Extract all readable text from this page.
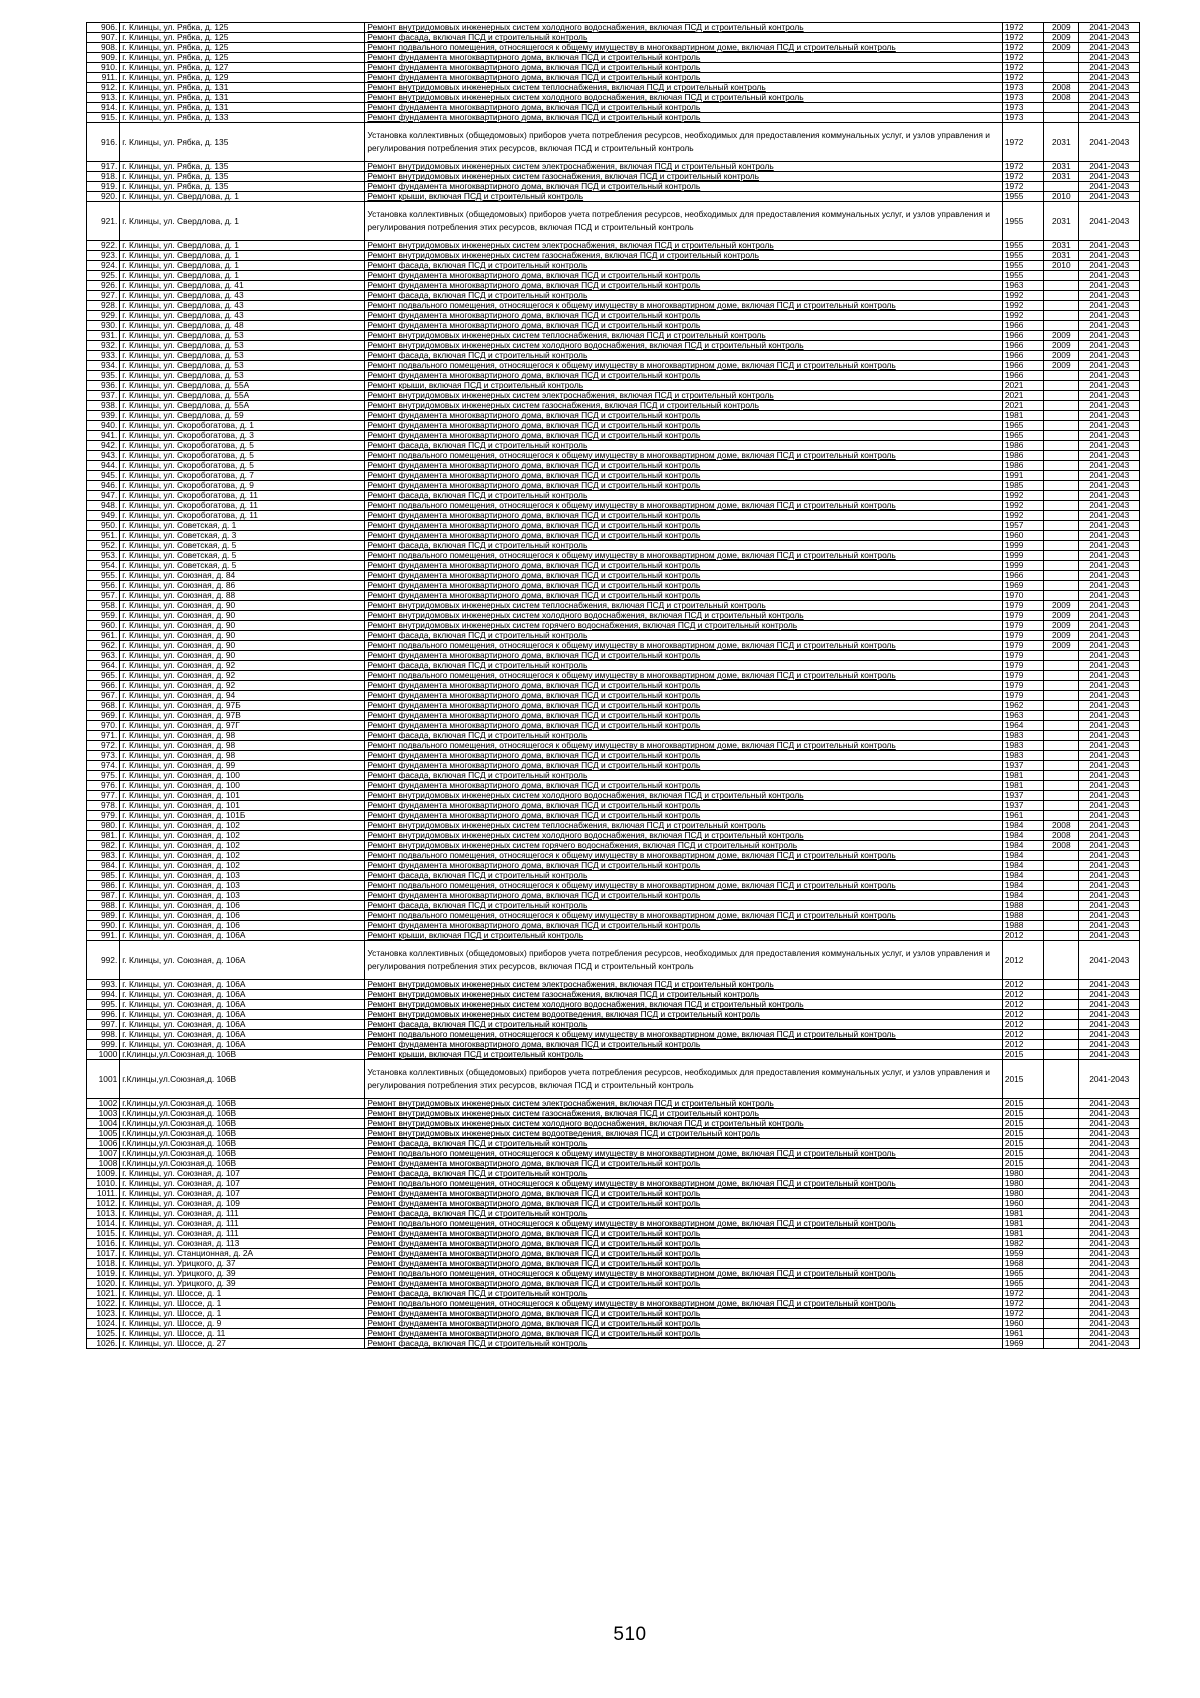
906.	г. Клинцы, ул. Рябка, д. 125	Ремонт внутридомовых инженерных систем холодного водоснабжения, включая ПСД и строительный контроль	1972	2009	2041-2043
907.	г. Клинцы, ул. Рябка, д. 125	Ремонт фасада, включая ПСД и строительный контроль	1972	2009	2041-2043
908.	г. Клинцы, ул. Рябка, д. 125	Ремонт подвального помещения, относящегося к общему имуществу в многоквартирном доме, включая ПСД и строительный контроль	1972	2009	2041-2043
909.	г. Клинцы, ул. Рябка, д. 125	Ремонт фундамента многоквартирного дома, включая ПСД и строительный контроль	1972		2041-2043
910.	г. Клинцы, ул. Рябка, д. 127	Ремонт фундамента многоквартирного дома, включая ПСД и строительный контроль	1972		2041-2043
911.	г. Клинцы, ул. Рябка, д. 129	Ремонт фундамента многоквартирного дома, включая ПСД и строительный контроль	1972		2041-2043
912.	г. Клинцы, ул. Рябка, д. 131	Ремонт внутридомовых инженерных систем теплоснабжения, включая ПСД и строительный контроль	1973	2008	2041-2043
913.	г. Клинцы, ул. Рябка, д. 131	Ремонт внутридомовых инженерных систем холодного водоснабжения, включая ПСД и строительный контроль	1973	2008	2041-2043
914.	г. Клинцы, ул. Рябка, д. 131	Ремонт фундамента многоквартирного дома, включая ПСД и строительный контроль	1973		2041-2043
915.	г. Клинцы, ул. Рябка, д. 133	Ремонт фундамента многоквартирного дома, включая ПСД и строительный контроль	1973		2041-2043
916.	г. Клинцы, ул. Рябка, д. 135	Установка коллективных (общедомовых) приборов учета потребления ресурсов, необходимых для предоставления коммунальных услуг, и узлов управления и регулирования потребления этих ресурсов, включая ПСД и строительный контроль	1972	2031	2041-2043
917.	г. Клинцы, ул. Рябка, д. 135	Ремонт внутридомовых инженерных систем электроснабжения, включая ПСД и строительный контроль	1972	2031	2041-2043
918.	г. Клинцы, ул. Рябка, д. 135	Ремонт внутридомовых инженерных систем газоснабжения, включая ПСД и строительный контроль	1972	2031	2041-2043
919.	г. Клинцы, ул. Рябка, д. 135	Ремонт фундамента многоквартирного дома, включая ПСД и строительный контроль	1972		2041-2043
920.	г. Клинцы, ул. Свердлова, д. 1	Ремонт крыши, включая ПСД и строительный контроль	1955	2010	2041-2043
921.	г. Клинцы, ул. Свердлова, д. 1	Установка коллективных (общедомовых) приборов учета потребления ресурсов, необходимых для предоставления коммунальных услуг, и узлов управления и регулирования потребления этих ресурсов, включая ПСД и строительный контроль	1955	2031	2041-2043
922.	г. Клинцы, ул. Свердлова, д. 1	Ремонт внутридомовых инженерных систем электроснабжения, включая ПСД и строительный контроль	1955	2031	2041-2043
923.	г. Клинцы, ул. Свердлова, д. 1	Ремонт внутридомовых инженерных систем газоснабжения, включая ПСД и строительный контроль	1955	2031	2041-2043
924.	г. Клинцы, ул. Свердлова, д. 1	Ремонт фасада, включая ПСД и строительный контроль	1955	2010	2041-2043
925.	г. Клинцы, ул. Свердлова, д. 1	Ремонт фундамента многоквартирного дома, включая ПСД и строительный контроль	1955		2041-2043
926.	г. Клинцы, ул. Свердлова, д. 41	Ремонт фундамента многоквартирного дома, включая ПСД и строительный контроль	1963		2041-2043
927.	г. Клинцы, ул. Свердлова, д. 43	Ремонт фасада, включая ПСД и строительный контроль	1992		2041-2043
928.	г. Клинцы, ул. Свердлова, д. 43	Ремонт подвального помещения, относящегося к общему имуществу в многоквартирном доме, включая ПСД и строительный контроль	1992		2041-2043
929.	г. Клинцы, ул. Свердлова, д. 43	Ремонт фундамента многоквартирного дома, включая ПСД и строительный контроль	1992		2041-2043
930.	г. Клинцы, ул. Свердлова, д. 48	Ремонт фундамента многоквартирного дома, включая ПСД и строительный контроль	1966		2041-2043
931.	г. Клинцы, ул. Свердлова, д. 53	Ремонт внутридомовых инженерных систем теплоснабжения, включая ПСД и строительный контроль	1966	2009	2041-2043
932.	г. Клинцы, ул. Свердлова, д. 53	Ремонт внутридомовых инженерных систем холодного водоснабжения, включая ПСД и строительный контроль	1966	2009	2041-2043
933.	г. Клинцы, ул. Свердлова, д. 53	Ремонт фасада, включая ПСД и строительный контроль	1966	2009	2041-2043
934.	г. Клинцы, ул. Свердлова, д. 53	Ремонт подвального помещения, относящегося к общему имуществу в многоквартирном доме, включая ПСД и строительный контроль	1966	2009	2041-2043
935.	г. Клинцы, ул. Свердлова, д. 53	Ремонт фундамента многоквартирного дома, включая ПСД и строительный контроль	1966		2041-2043
936.	г. Клинцы, ул. Свердлова, д. 55А	Ремонт крыши, включая ПСД и строительный контроль	2021		2041-2043
937.	г. Клинцы, ул. Свердлова, д. 55А	Ремонт внутридомовых инженерных систем электроснабжения, включая ПСД и строительный контроль	2021		2041-2043
938.	г. Клинцы, ул. Свердлова, д. 55А	Ремонт внутридомовых инженерных систем газоснабжения, включая ПСД и строительный контроль	2021		2041-2043
939.	г. Клинцы, ул. Свердлова, д. 59	Ремонт фундамента многоквартирного дома, включая ПСД и строительный контроль	1981		2041-2043
940.	г. Клинцы, ул. Скоробогатова, д. 1	Ремонт фундамента многоквартирного дома, включая ПСД и строительный контроль	1965		2041-2043
941.	г. Клинцы, ул. Скоробогатова, д. 3	Ремонт фундамента многоквартирного дома, включая ПСД и строительный контроль	1965		2041-2043
942.	г. Клинцы, ул. Скоробогатова, д. 5	Ремонт фасада, включая ПСД и строительный контроль	1986		2041-2043
943.	г. Клинцы, ул. Скоробогатова, д. 5	Ремонт подвального помещения, относящегося к общему имуществу в многоквартирном доме, включая ПСД и строительный контроль	1986		2041-2043
944.	г. Клинцы, ул. Скоробогатова, д. 5	Ремонт фундамента многоквартирного дома, включая ПСД и строительный контроль	1986		2041-2043
945.	г. Клинцы, ул. Скоробогатова, д. 7	Ремонт фундамента многоквартирного дома, включая ПСД и строительный контроль	1991		2041-2043
946.	г. Клинцы, ул. Скоробогатова, д. 9	Ремонт фундамента многоквартирного дома, включая ПСД и строительный контроль	1985		2041-2043
947.	г. Клинцы, ул. Скоробогатова, д. 11	Ремонт фасада, включая ПСД и строительный контроль	1992		2041-2043
948.	г. Клинцы, ул. Скоробогатова, д. 11	Ремонт подвального помещения, относящегося к общему имуществу в многоквартирном доме, включая ПСД и строительный контроль	1992		2041-2043
949.	г. Клинцы, ул. Скоробогатова, д. 11	Ремонт фундамента многоквартирного дома, включая ПСД и строительный контроль	1992		2041-2043
950.	г. Клинцы, ул. Советская, д. 1	Ремонт фундамента многоквартирного дома, включая ПСД и строительный контроль	1957		2041-2043
951.	г. Клинцы, ул. Советская, д. 3	Ремонт фундамента многоквартирного дома, включая ПСД и строительный контроль	1960		2041-2043
952.	г. Клинцы, ул. Советская, д. 5	Ремонт фасада, включая ПСД и строительный контроль	1999		2041-2043
953.	г. Клинцы, ул. Советская, д. 5	Ремонт подвального помещения, относящегося к общему имуществу в многоквартирном доме, включая ПСД и строительный контроль	1999		2041-2043
954.	г. Клинцы, ул. Советская, д. 5	Ремонт фундамента многоквартирного дома, включая ПСД и строительный контроль	1999		2041-2043
955.	г. Клинцы, ул. Союзная, д. 84	Ремонт фундамента многоквартирного дома, включая ПСД и строительный контроль	1966		2041-2043
956.	г. Клинцы, ул. Союзная, д. 86	Ремонт фундамента многоквартирного дома, включая ПСД и строительный контроль	1969		2041-2043
957.	г. Клинцы, ул. Союзная, д. 88	Ремонт фундамента многоквартирного дома, включая ПСД и строительный контроль	1970		2041-2043
958.	г. Клинцы, ул. Союзная, д. 90	Ремонт внутридомовых инженерных систем теплоснабжения, включая ПСД и строительный контроль	1979	2009	2041-2043
959.	г. Клинцы, ул. Союзная, д. 90	Ремонт внутридомовых инженерных систем холодного водоснабжения, включая ПСД и строительный контроль	1979	2009	2041-2043
960.	г. Клинцы, ул. Союзная, д. 90	Ремонт внутридомовых инженерных систем горячего водоснабжения, включая ПСД и строительный контроль	1979	2009	2041-2043
961.	г. Клинцы, ул. Союзная, д. 90	Ремонт фасада, включая ПСД и строительный контроль	1979	2009	2041-2043
962.	г. Клинцы, ул. Союзная, д. 90	Ремонт подвального помещения, относящегося к общему имуществу в многоквартирном доме, включая ПСД и строительный контроль	1979	2009	2041-2043
963.	г. Клинцы, ул. Союзная, д. 90	Ремонт фундамента многоквартирного дома, включая ПСД и строительный контроль	1979		2041-2043
964.	г. Клинцы, ул. Союзная, д. 92	Ремонт фасада, включая ПСД и строительный контроль	1979		2041-2043
965.	г. Клинцы, ул. Союзная, д. 92	Ремонт подвального помещения, относящегося к общему имуществу в многоквартирном доме, включая ПСД и строительный контроль	1979		2041-2043
966.	г. Клинцы, ул. Союзная, д. 92	Ремонт фундамента многоквартирного дома, включая ПСД и строительный контроль	1979		2041-2043
967.	г. Клинцы, ул. Союзная, д. 94	Ремонт фундамента многоквартирного дома, включая ПСД и строительный контроль	1979		2041-2043
968.	г. Клинцы, ул. Союзная, д. 97Б	Ремонт фундамента многоквартирного дома, включая ПСД и строительный контроль	1962		2041-2043
969.	г. Клинцы, ул. Союзная, д. 97В	Ремонт фундамента многоквартирного дома, включая ПСД и строительный контроль	1963		2041-2043
970.	г. Клинцы, ул. Союзная, д. 97Г	Ремонт фундамента многоквартирного дома, включая ПСД и строительный контроль	1964		2041-2043
971.	г. Клинцы, ул. Союзная, д. 98	Ремонт фасада, включая ПСД и строительный контроль	1983		2041-2043
972.	г. Клинцы, ул. Союзная, д. 98	Ремонт подвального помещения, относящегося к общему имуществу в многоквартирном доме, включая ПСД и строительный контроль	1983		2041-2043
973.	г. Клинцы, ул. Союзная, д. 98	Ремонт фундамента многоквартирного дома, включая ПСД и строительный контроль	1983		2041-2043
974.	г. Клинцы, ул. Союзная, д. 99	Ремонт фундамента многоквартирного дома, включая ПСД и строительный контроль	1937		2041-2043
975.	г. Клинцы, ул. Союзная, д. 100	Ремонт фасада, включая ПСД и строительный контроль	1981		2041-2043
976.	г. Клинцы, ул. Союзная, д. 100	Ремонт фундамента многоквартирного дома, включая ПСД и строительный контроль	1981		2041-2043
977.	г. Клинцы, ул. Союзная, д. 101	Ремонт внутридомовых инженерных систем холодного водоснабжения, включая ПСД и строительный контроль	1937		2041-2043
978.	г. Клинцы, ул. Союзная, д. 101	Ремонт фундамента многоквартирного дома, включая ПСД и строительный контроль	1937		2041-2043
979.	г. Клинцы, ул. Союзная, д. 101Б	Ремонт фундамента многоквартирного дома, включая ПСД и строительный контроль	1961		2041-2043
980.	г. Клинцы, ул. Союзная, д. 102	Ремонт внутридомовых инженерных систем теплоснабжения, включая ПСД и строительный контроль	1984	2008	2041-2043
981.	г. Клинцы, ул. Союзная, д. 102	Ремонт внутридомовых инженерных систем холодного водоснабжения, включая ПСД и строительный контроль	1984	2008	2041-2043
982.	г. Клинцы, ул. Союзная, д. 102	Ремонт внутридомовых инженерных систем горячего водоснабжения, включая ПСД и строительный контроль	1984	2008	2041-2043
983.	г. Клинцы, ул. Союзная, д. 102	Ремонт подвального помещения, относящегося к общему имуществу в многоквартирном доме, включая ПСД и строительный контроль	1984		2041-2043
984.	г. Клинцы, ул. Союзная, д. 102	Ремонт фундамента многоквартирного дома, включая ПСД и строительный контроль	1984		2041-2043
985.	г. Клинцы, ул. Союзная, д. 103	Ремонт фасада, включая ПСД и строительный контроль	1984		2041-2043
986.	г. Клинцы, ул. Союзная, д. 103	Ремонт подвального помещения, относящегося к общему имуществу в многоквартирном доме, включая ПСД и строительный контроль	1984		2041-2043
987.	г. Клинцы, ул. Союзная, д. 103	Ремонт фундамента многоквартирного дома, включая ПСД и строительный контроль	1984		2041-2043
988.	г. Клинцы, ул. Союзная, д. 106	Ремонт фасада, включая ПСД и строительный контроль	1988		2041-2043
989.	г. Клинцы, ул. Союзная, д. 106	Ремонт подвального помещения, относящегося к общему имуществу в многоквартирном доме, включая ПСД и строительный контроль	1988		2041-2043
990.	г. Клинцы, ул. Союзная, д. 106	Ремонт фундамента многоквартирного дома, включая ПСД и строительный контроль	1988		2041-2043
991.	г. Клинцы, ул. Союзная, д. 106А	Ремонт крыши, включая ПСД и строительный контроль	2012		2041-2043
992.	г. Клинцы, ул. Союзная, д. 106А	Установка коллективных (общедомовых) приборов учета потребления ресурсов, необходимых для предоставления коммунальных услуг, и узлов управления и регулирования потребления этих ресурсов, включая ПСД и строительный контроль	2012		2041-2043
993.	г. Клинцы, ул. Союзная, д. 106А	Ремонт внутридомовых инженерных систем электроснабжения, включая ПСД и строительный контроль	2012		2041-2043
994.	г. Клинцы, ул. Союзная, д. 106А	Ремонт внутридомовых инженерных систем газоснабжения, включая ПСД и строительный контроль	2012		2041-2043
995.	г. Клинцы, ул. Союзная, д. 106А	Ремонт внутридомовых инженерных систем холодного водоснабжения, включая ПСД и строительный контроль	2012		2041-2043
996.	г. Клинцы, ул. Союзная, д. 106А	Ремонт внутридомовых инженерных систем водоотведения, включая ПСД и строительный контроль	2012		2041-2043
997.	г. Клинцы, ул. Союзная, д. 106А	Ремонт фасада, включая ПСД и строительный контроль	2012		2041-2043
998.	г. Клинцы, ул. Союзная, д. 106А	Ремонт подвального помещения, относящегося к общему имуществу в многоквартирном доме, включая ПСД и строительный контроль	2012		2041-2043
999.	г. Клинцы, ул. Союзная, д. 106А	Ремонт фундамента многоквартирного дома, включая ПСД и строительный контроль	2012		2041-2043
1000	г.Клинцы,ул.Союзная,д. 106В	Ремонт крыши, включая ПСД и строительный контроль	2015		2041-2043
1001	г.Клинцы,ул.Союзная,д. 106В	Установка коллективных (общедомовых) приборов учета потребления ресурсов, необходимых для предоставления коммунальных услуг, и узлов управления и регулирования потребления этих ресурсов, включая ПСД и строительный контроль	2015		2041-2043
1002	г.Клинцы,ул.Союзная,д. 106В	Ремонт внутридомовых инженерных систем электроснабжения, включая ПСД и строительный контроль	2015		2041-2043
1003	г.Клинцы,ул.Союзная,д. 106В	Ремонт внутридомовых инженерных систем газоснабжения, включая ПСД и строительный контроль	2015		2041-2043
1004	г.Клинцы,ул.Союзная,д. 106В	Ремонт внутридомовых инженерных систем холодного водоснабжения, включая ПСД и строительный контроль	2015		2041-2043
1005	г.Клинцы,ул.Союзная,д. 106В	Ремонт внутридомовых инженерных систем водоотведения, включая ПСД и строительный контроль	2015		2041-2043
1006	г.Клинцы,ул.Союзная,д. 106В	Ремонт фасада, включая ПСД и строительный контроль	2015		2041-2043
1007	г.Клинцы,ул.Союзная,д. 106В	Ремонт подвального помещения, относящегося к общему имуществу в многоквартирном доме, включая ПСД и строительный контроль	2015		2041-2043
1008	г.Клинцы,ул.Союзная,д. 106В	Ремонт фундамента многоквартирного дома, включая ПСД и строительный контроль	2015		2041-2043
1009.	г. Клинцы, ул. Союзная, д. 107	Ремонт фасада, включая ПСД и строительный контроль	1980		2041-2043
1010.	г. Клинцы, ул. Союзная, д. 107	Ремонт подвального помещения, относящегося к общему имуществу в многоквартирном доме, включая ПСД и строительный контроль	1980		2041-2043
1011.	г. Клинцы, ул. Союзная, д. 107	Ремонт фундамента многоквартирного дома, включая ПСД и строительный контроль	1980		2041-2043
1012.	г. Клинцы, ул. Союзная, д. 109	Ремонт фундамента многоквартирного дома, включая ПСД и строительный контроль	1960		2041-2043
1013.	г. Клинцы, ул. Союзная, д. 111	Ремонт фасада, включая ПСД и строительный контроль	1981		2041-2043
1014.	г. Клинцы, ул. Союзная, д. 111	Ремонт подвального помещения, относящегося к общему имуществу в многоквартирном доме, включая ПСД и строительный контроль	1981		2041-2043
1015.	г. Клинцы, ул. Союзная, д. 111	Ремонт фундамента многоквартирного дома, включая ПСД и строительный контроль	1981		2041-2043
1016.	г. Клинцы, ул. Союзная, д. 113	Ремонт фундамента многоквартирного дома, включая ПСД и строительный контроль	1982		2041-2043
1017.	г. Клинцы, ул. Станционная, д. 2А	Ремонт фундамента многоквартирного дома, включая ПСД и строительный контроль	1959		2041-2043
1018.	г. Клинцы, ул. Урицкого, д. 37	Ремонт фундамента многоквартирного дома, включая ПСД и строительный контроль	1968		2041-2043
1019.	г. Клинцы, ул. Урицкого, д. 39	Ремонт подвального помещения, относящегося к общему имуществу в многоквартирном доме, включая ПСД и строительный контроль	1965		2041-2043
1020.	г. Клинцы, ул. Урицкого, д. 39	Ремонт фундамента многоквартирного дома, включая ПСД и строительный контроль	1965		2041-2043
1021.	г. Клинцы, ул. Шоссе, д. 1	Ремонт фасада, включая ПСД и строительный контроль	1972		2041-2043
1022.	г. Клинцы, ул. Шоссе, д. 1	Ремонт подвального помещения, относящегося к общему имуществу в многоквартирном доме, включая ПСД и строительный контроль	1972		2041-2043
1023.	г. Клинцы, ул. Шоссе, д. 1	Ремонт фундамента многоквартирного дома, включая ПСД и строительный контроль	1972		2041-2043
1024.	г. Клинцы, ул. Шоссе, д. 9	Ремонт фундамента многоквартирного дома, включая ПСД и строительный контроль	1960		2041-2043
1025.	г. Клинцы, ул. Шоссе, д. 11	Ремонт фундамента многоквартирного дома, включая ПСД и строительный контроль	1961		2041-2043
1026.	г. Клинцы, ул. Шоссе, д. 27	Ремонт фасада, включая ПСД и строительный контроль	1969		2041-2043
510
